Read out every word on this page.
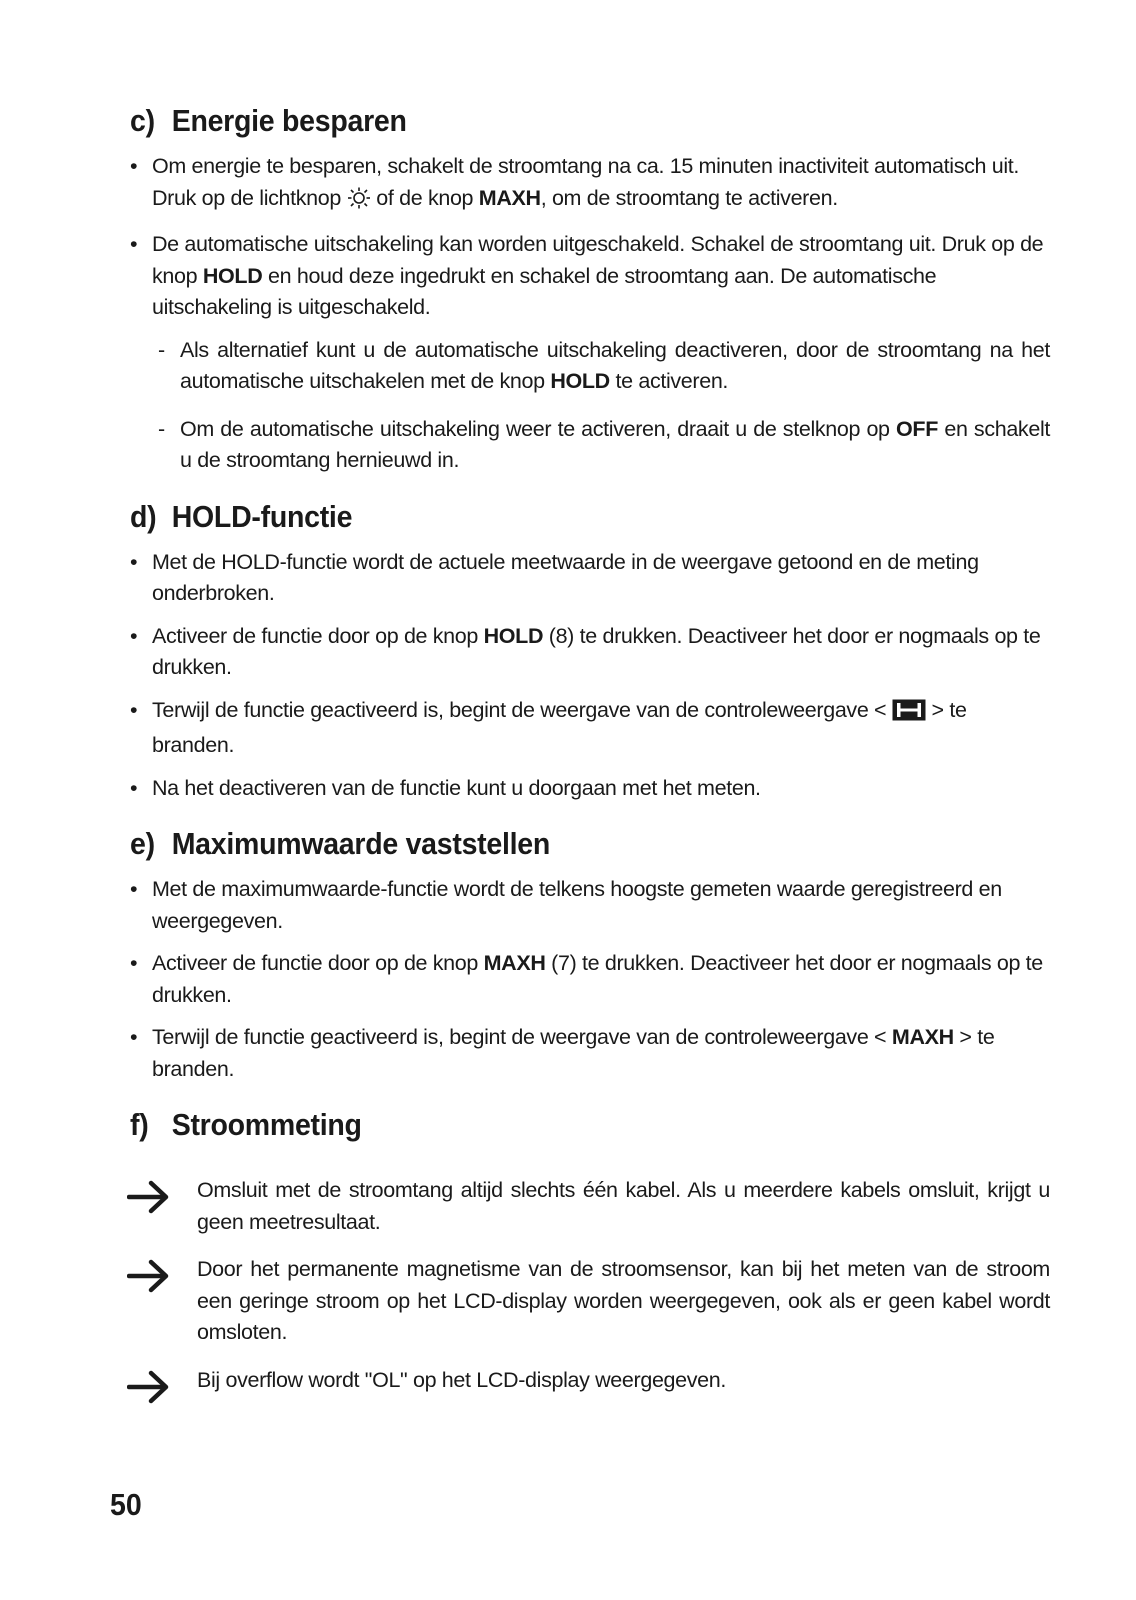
c) Energie besparen
• Om energie te besparen, schakelt de stroomtang na ca. 15 minuten inactiviteit automatisch uit. Druk op de lichtknop  of de knop MAXH, om de stroomtang te activeren.
• De automatische uitschakeling kan worden uitgeschakeld. Schakel de stroomtang uit. Druk op de knop HOLD en houd deze ingedrukt en schakel de stroomtang aan. De automatische uitschakeling is uitgeschakeld.
- Als alternatief kunt u de automatische uitschakeling deactiveren, door de stroomtang na het automatische uitschakelen met de knop HOLD te activeren.
- Om de automatische uitschakeling weer te activeren, draait u de stelknop op OFF en schakelt u de stroomtang hernieuwd in.
d) HOLD-functie
• Met de HOLD-functie wordt de actuele meetwaarde in de weergave getoond en de meting onderbroken.
• Activeer de functie door op de knop HOLD (8) te drukken. Deactiveer het door er nogmaals op te drukken.
• Terwijl de functie geactiveerd is, begint de weergave van de controleweergave <  > te branden.
• Na het deactiveren van de functie kunt u doorgaan met het meten.
e) Maximumwaarde vaststellen
• Met de maximumwaarde-functie wordt de telkens hoogste gemeten waarde geregistreerd en weergegeven.
• Activeer de functie door op de knop MAXH (7) te drukken. Deactiveer het door er nogmaals op te drukken.
• Terwijl de functie geactiveerd is, begint de weergave van de controleweergave < MAXH > te branden.
f) Stroommeting
Omsluit met de stroomtang altijd slechts één kabel. Als u meerdere kabels omsluit, krijgt u geen meetresultaat.
Door het permanente magnetisme van de stroomsensor, kan bij het meten van de stroom een geringe stroom op het LCD-display worden weergegeven, ook als er geen kabel wordt omsloten.
Bij overflow wordt "OL" op het LCD-display weergegeven.
50
